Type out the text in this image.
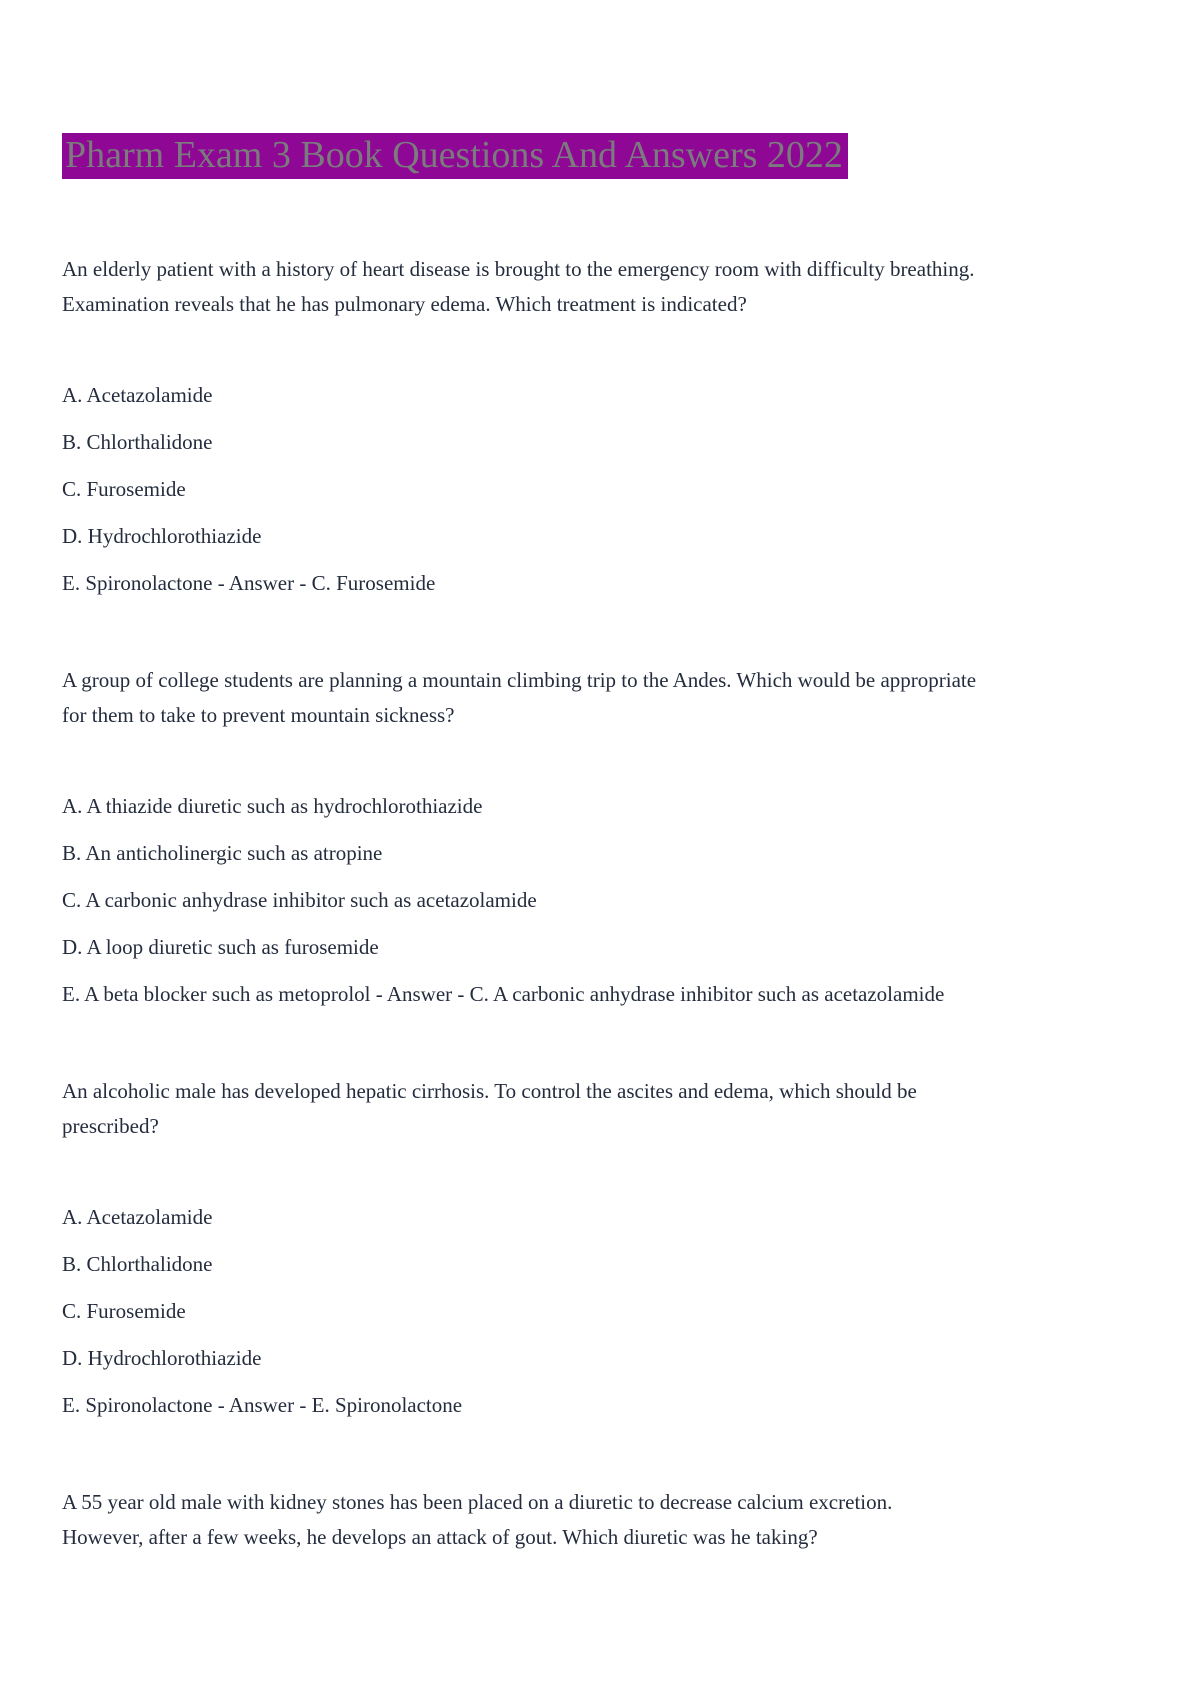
Pharm Exam 3 Book Questions And Answers 2022
An elderly patient with a history of heart disease is brought to the emergency room with difficulty breathing.
Examination reveals that he has pulmonary edema. Which treatment is indicated?
A. Acetazolamide
B. Chlorthalidone
C. Furosemide
D. Hydrochlorothiazide
E. Spironolactone - Answer - C. Furosemide
A group of college students are planning a mountain climbing trip to the Andes. Which would be appropriate
for them to take to prevent mountain sickness?
A. A thiazide diuretic such as hydrochlorothiazide
B. An anticholinergic such as atropine
C. A carbonic anhydrase inhibitor such as acetazolamide
D. A loop diuretic such as furosemide
E. A beta blocker such as metoprolol - Answer - C. A carbonic anhydrase inhibitor such as acetazolamide
An alcoholic male has developed hepatic cirrhosis. To control the ascites and edema, which should be
prescribed?
A. Acetazolamide
B. Chlorthalidone
C. Furosemide
D. Hydrochlorothiazide
E. Spironolactone - Answer - E. Spironolactone
A 55 year old male with kidney stones has been placed on a diuretic to decrease calcium excretion.
However, after a few weeks, he develops an attack of gout. Which diuretic was he taking?
